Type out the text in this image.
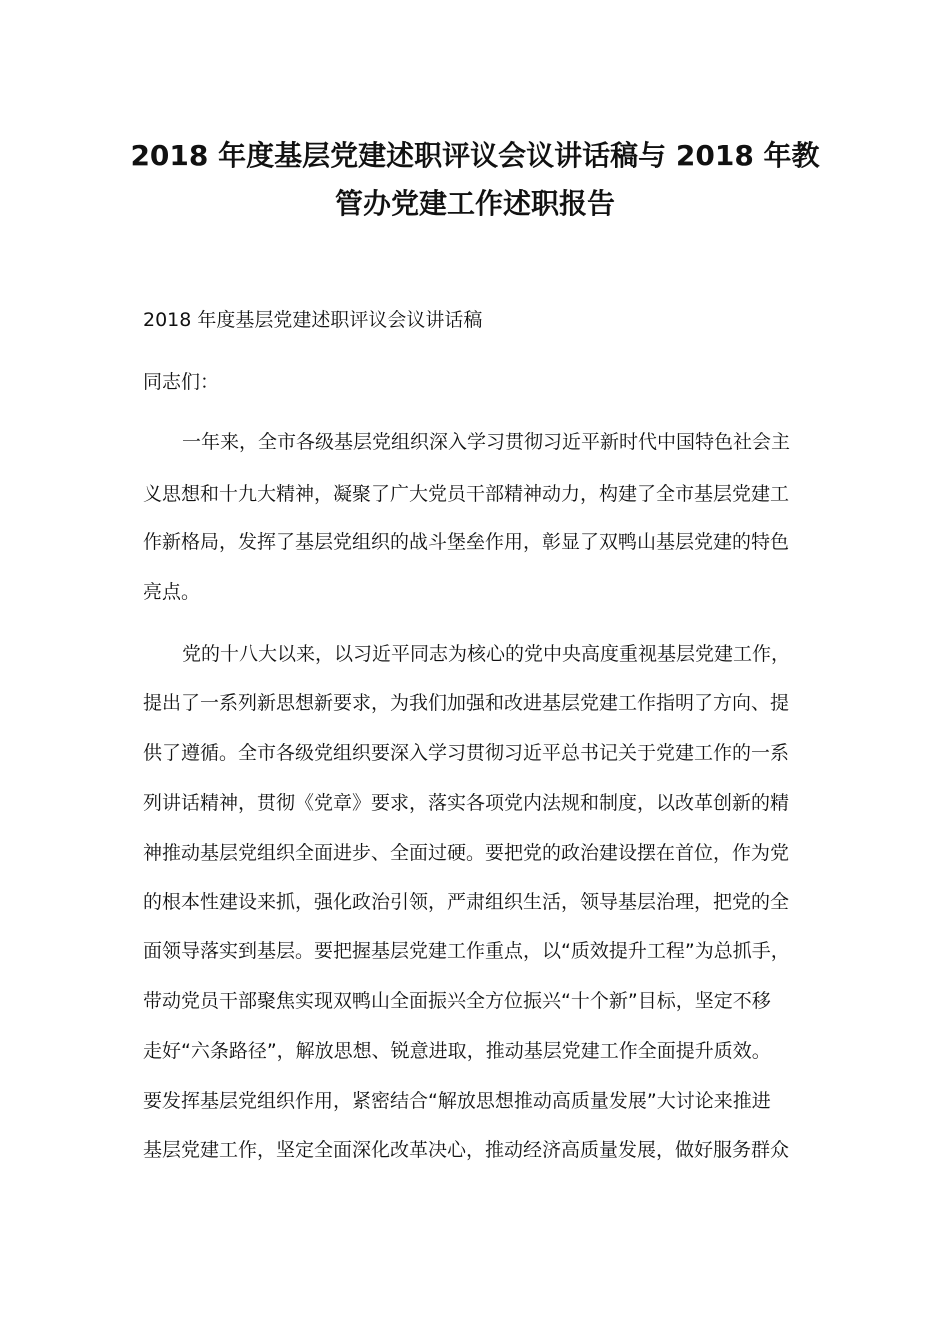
2018 年度基层党建述职评议会议讲话稿与 2018 年教
管办党建工作述职报告
2018 年度基层党建述职评议会议讲话稿
同志们：
一年来，全市各级基层党组织深入学习贯彻习近平新时代中国特色社会主
义思想和十九大精神，凝聚了广大党员干部精神动力，构建了全市基层党建工
作新格局，发挥了基层党组织的战斗堡垒作用，彰显了双鸭山基层党建的特色
亮点。
党的十八大以来，以习近平同志为核心的党中央高度重视基层党建工作，
提出了一系列新思想新要求，为我们加强和改进基层党建工作指明了方向、提
供了遵循。全市各级党组织要深入学习贯彻习近平总书记关于党建工作的一系
列讲话精神，贯彻《党章》要求，落实各项党内法规和制度，以改革创新的精
神推动基层党组织全面进步、全面过硬。要把党的政治建设摆在首位，作为党
的根本性建设来抓，强化政治引领，严肃组织生活，领导基层治理，把党的全
面领导落实到基层。要把握基层党建工作重点，以“质效提升工程”为总抓手，
带动党员干部聚焦实现双鸭山全面振兴全方位振兴“十个新”目标，坚定不移
走好“六条路径”，解放思想、锐意进取，推动基层党建工作全面提升质效。
要发挥基层党组织作用，紧密结合“解放思想推动高质量发展”大讨论来推进
基层党建工作，坚定全面深化改革决心，推动经济高质量发展，做好服务群众
